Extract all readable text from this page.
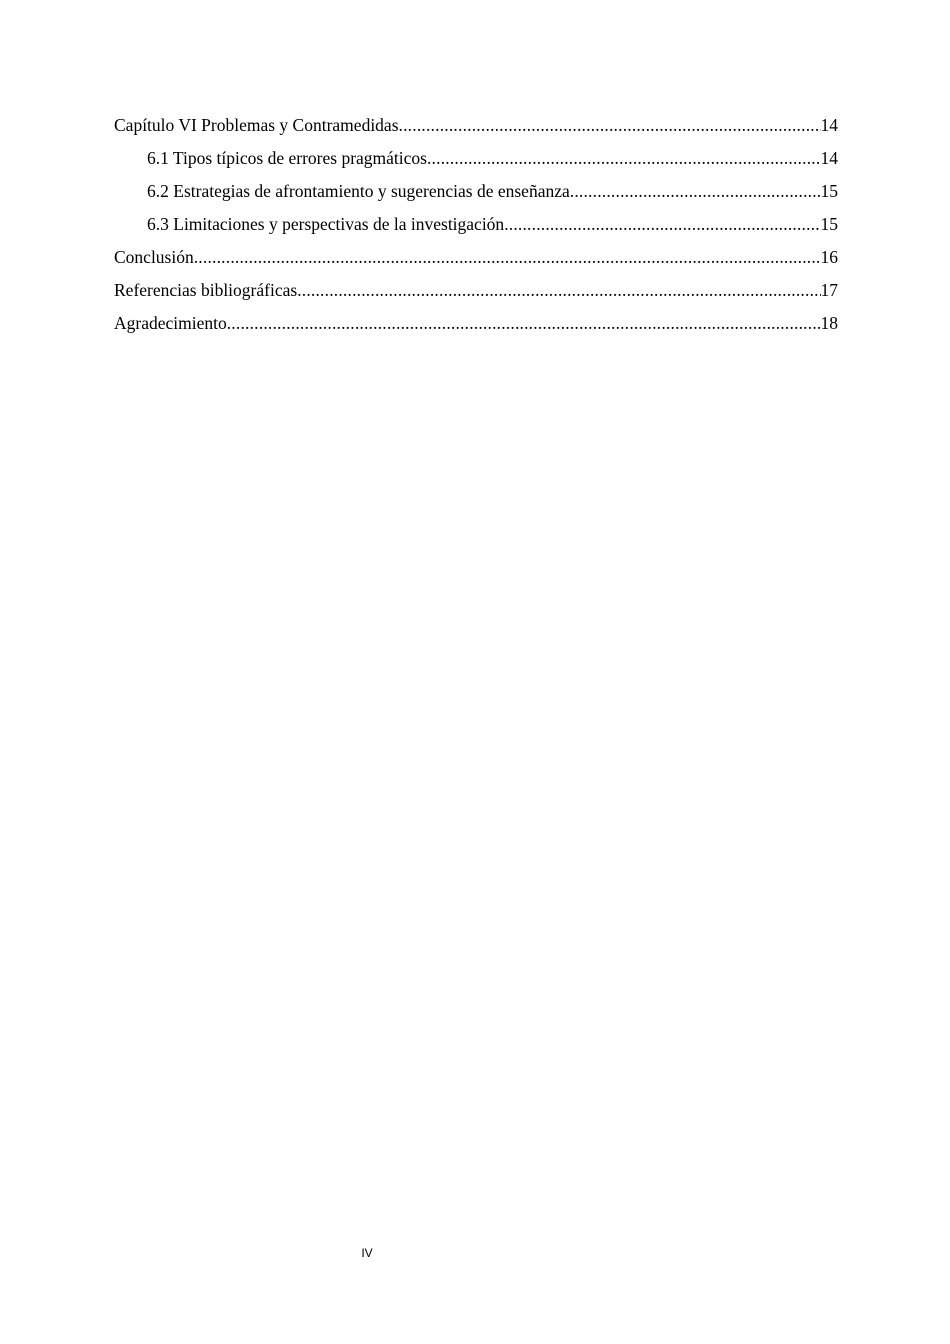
Capítulo VI Problemas y Contramedidas .....	14
6.1 Tipos típicos de errores pragmáticos .....	14
6.2 Estrategias de afrontamiento y sugerencias de enseñanza .....	15
6.3 Limitaciones y perspectivas de la investigación .....	15
Conclusión .....	16
Referencias bibliográficas .....	17
Agradecimiento .....	18
IV
